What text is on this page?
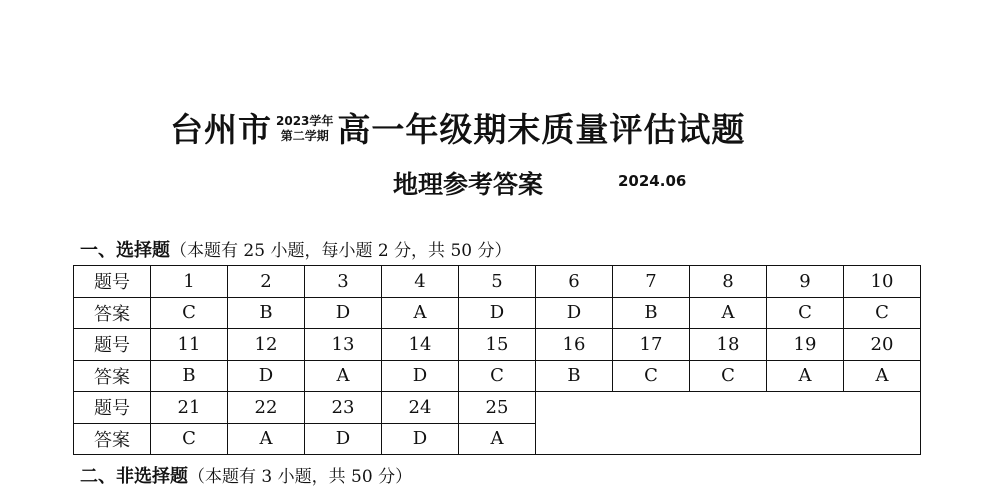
台州市 2023学年
第二学期 高一年级期末质量评估试题
地理参考答案	2024.06
一、选择题（本题有 25 小题，每小题 2 分，共 50 分）
题号	1	2	3	4	5	6	7	8	9	10
答案	C	B	D	A	D	D	B	A	C	C
题号	11	12	13	14	15	16	17	18	19	20
答案	B	D	A	D	C	B	C	C	A	A
题号	21	22	23	24	25					
答案	C	A	D	D	A					
二、非选择题（本题有 3 小题，共 50 分）
